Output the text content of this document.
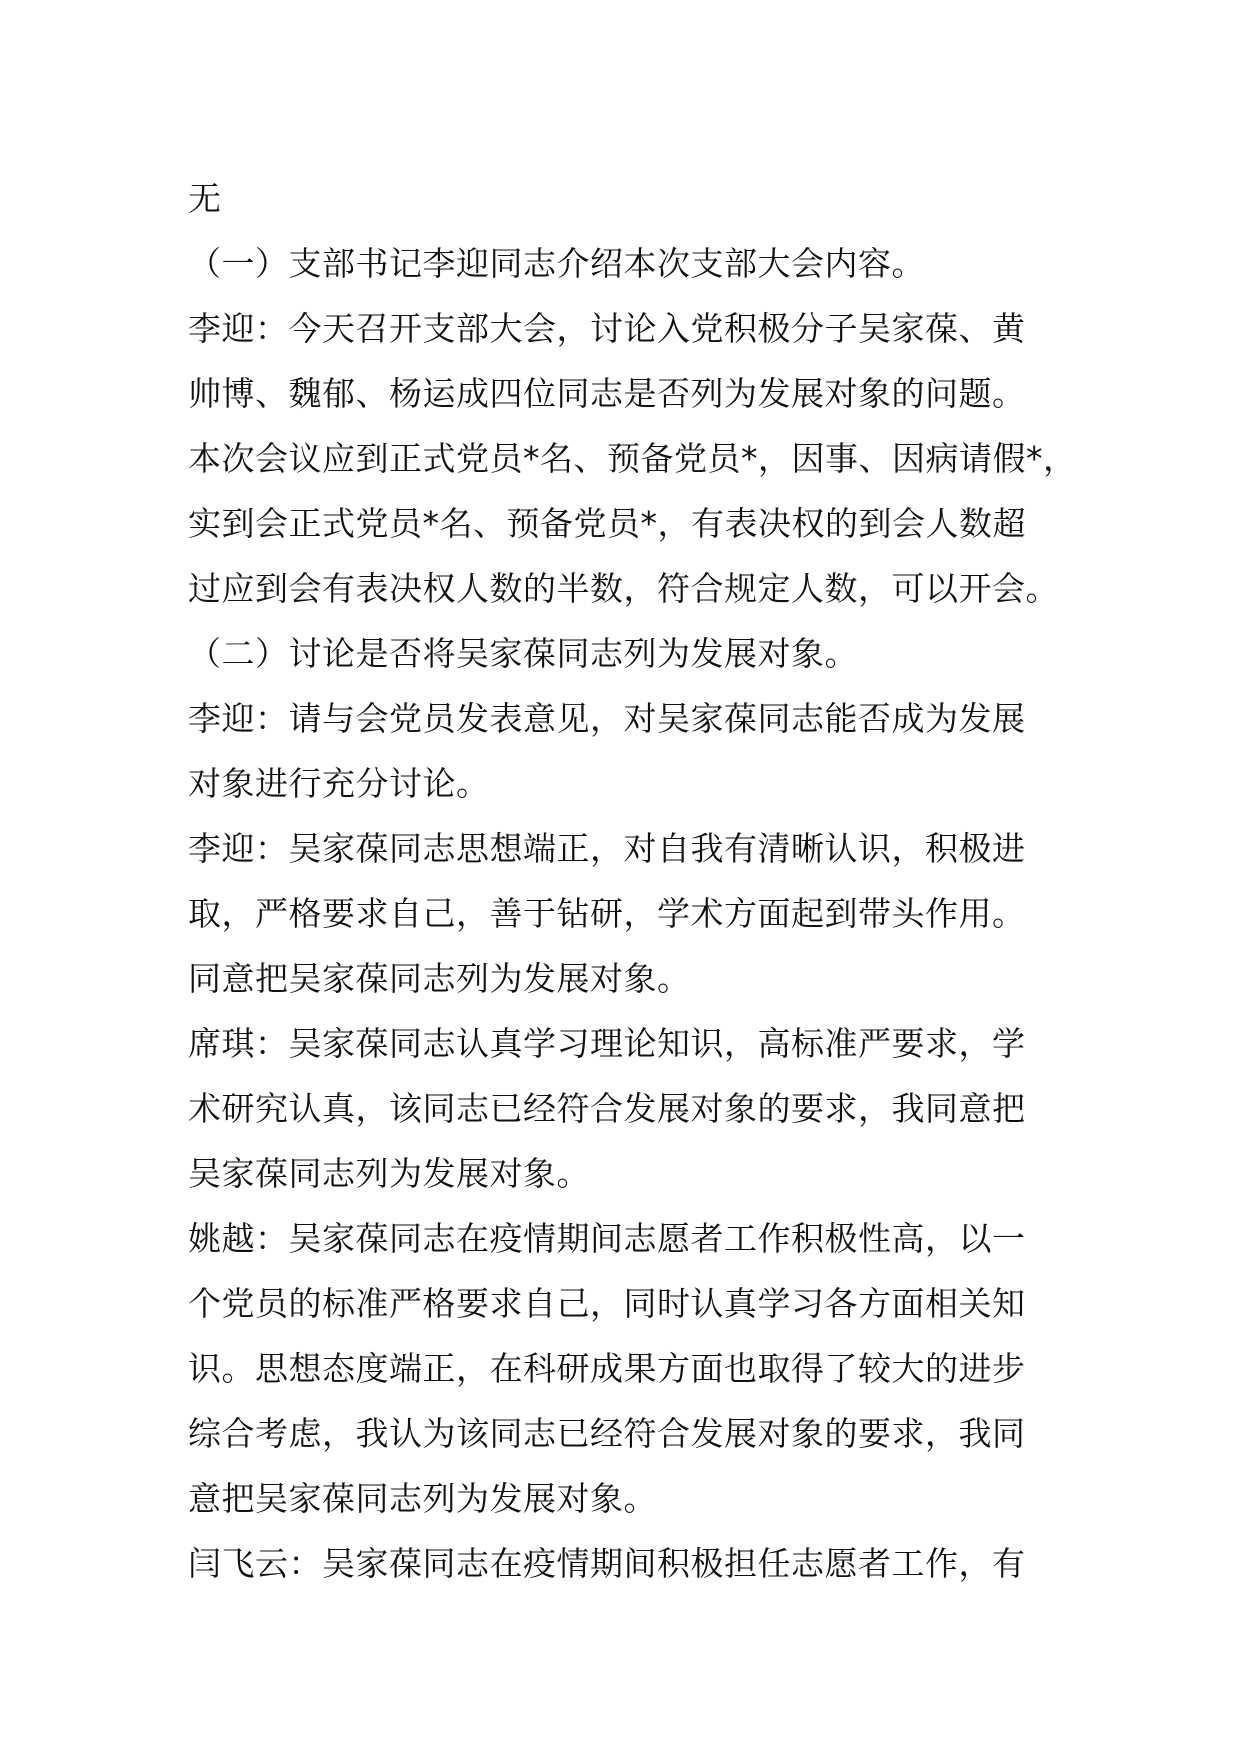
无
（一）支部书记李迎同志介绍本次支部大会内容。
李迎：今天召开支部大会，讨论入党积极分子吴家葆、黄
帅博、魏郁、杨运成四位同志是否列为发展对象的问题。
本次会议应到正式党员*名、预备党员*，因事、因病请假*，
实到会正式党员*名、预备党员*，有表决权的到会人数超
过应到会有表决权人数的半数，符合规定人数，可以开会。
（二）讨论是否将吴家葆同志列为发展对象。
李迎：请与会党员发表意见，对吴家葆同志能否成为发展
对象进行充分讨论。
李迎：吴家葆同志思想端正，对自我有清晰认识，积极进
取，严格要求自己，善于钻研，学术方面起到带头作用。
同意把吴家葆同志列为发展对象。
席琪：吴家葆同志认真学习理论知识，高标准严要求，学
术研究认真，该同志已经符合发展对象的要求，我同意把
吴家葆同志列为发展对象。
姚越：吴家葆同志在疫情期间志愿者工作积极性高，以一
个党员的标准严格要求自己，同时认真学习各方面相关知
识。思想态度端正，在科研成果方面也取得了较大的进步
综合考虑，我认为该同志已经符合发展对象的要求，我同
意把吴家葆同志列为发展对象。
闫飞云：吴家葆同志在疫情期间积极担任志愿者工作，有
